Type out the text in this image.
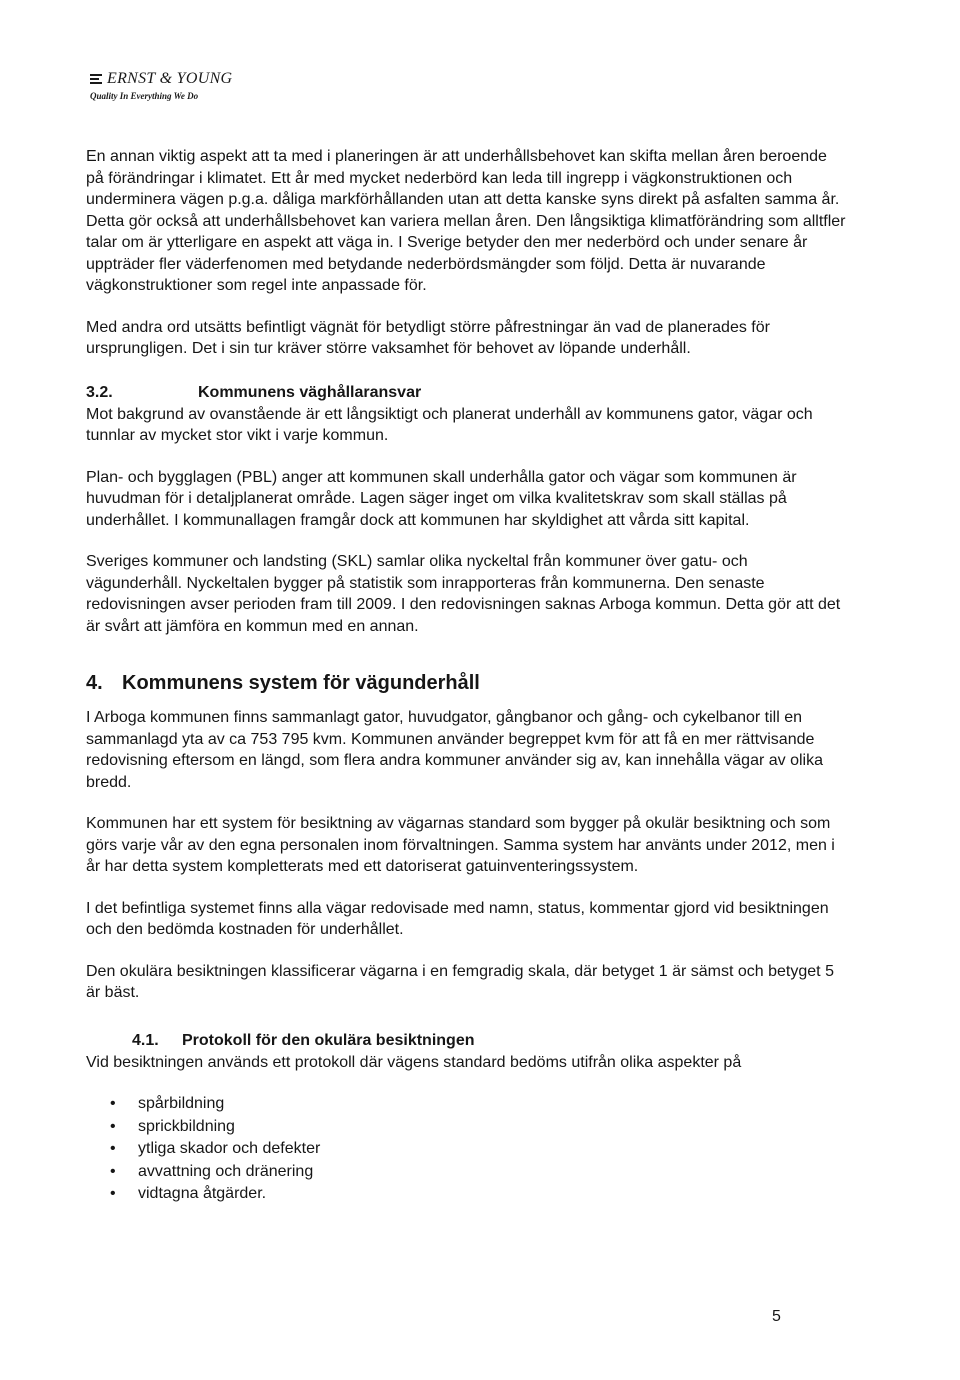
ERNST & YOUNG
Quality In Everything We Do

En annan viktig aspekt att ta med i planeringen är att underhållsbehovet kan skifta mellan åren beroende på förändringar i klimatet. Ett år med mycket nederbörd kan leda till ingrepp i vägkonstruktionen och underminera vägen p.g.a. dåliga markförhållanden utan att detta kanske syns direkt på asfalten samma år. Detta gör också att underhållsbehovet kan variera mellan åren. Den långsiktiga klimatförändring som alltfler talar om är ytterligare en aspekt att väga in. I Sverige betyder den mer nederbörd och under senare år uppträder fler väderfenomen med betydande nederbördsmängder som följd. Detta är nuvarande vägkonstruktioner som regel inte anpassade för.

Med andra ord utsätts befintligt vägnät för betydligt större påfrestningar än vad de planerades för ursprungligen. Det i sin tur kräver större vaksamhet för behovet av löpande underhåll.

3.2.	Kommunens väghållaransvar

Mot bakgrund av ovanstående är ett långsiktigt och planerat underhåll av kommunens gator, vägar och tunnlar av mycket stor vikt i varje kommun.

Plan- och bygglagen (PBL) anger att kommunen skall underhålla gator och vägar som kommunen är huvudman för i detaljplanerat område. Lagen säger inget om vilka kvalitetskrav som skall ställas på underhållet. I kommunallagen framgår dock att kommunen har skyldighet att vårda sitt kapital.

Sveriges kommuner och landsting (SKL) samlar olika nyckeltal från kommuner över gatu- och vägunderhåll. Nyckeltalen bygger på statistik som inrapporteras från kommunerna. Den senaste redovisningen avser perioden fram till 2009. I den redovisningen saknas Arboga kommun. Detta gör att det är svårt att jämföra en kommun med en annan.

4. Kommunens system för vägunderhåll

I Arboga kommunen finns sammanlagt gator, huvudgator, gångbanor och gång- och cykelbanor till en sammanlagd yta av ca 753 795 kvm. Kommunen använder begreppet kvm för att få en mer rättvisande redovisning eftersom en längd, som flera andra kommuner använder sig av, kan innehålla vägar av olika bredd.

Kommunen har ett system för besiktning av vägarnas standard som bygger på okulär besiktning och som görs varje vår av den egna personalen inom förvaltningen. Samma system har använts under 2012, men i år har detta system kompletterats med ett datoriserat gatuinventeringssystem.

I det befintliga systemet finns alla vägar redovisade med namn, status, kommentar gjord vid besiktningen och den bedömda kostnaden för underhållet.

Den okulära besiktningen klassificerar vägarna i en femgradig skala, där betyget 1 är sämst och betyget 5 är bäst.

4.1. Protokoll för den okulära besiktningen

Vid besiktningen används ett protokoll där vägens standard bedöms utifrån olika aspekter på

• spårbildning
• sprickbildning
• ytliga skador och defekter
• avvattning och dränering
• vidtagna åtgärder.
5
